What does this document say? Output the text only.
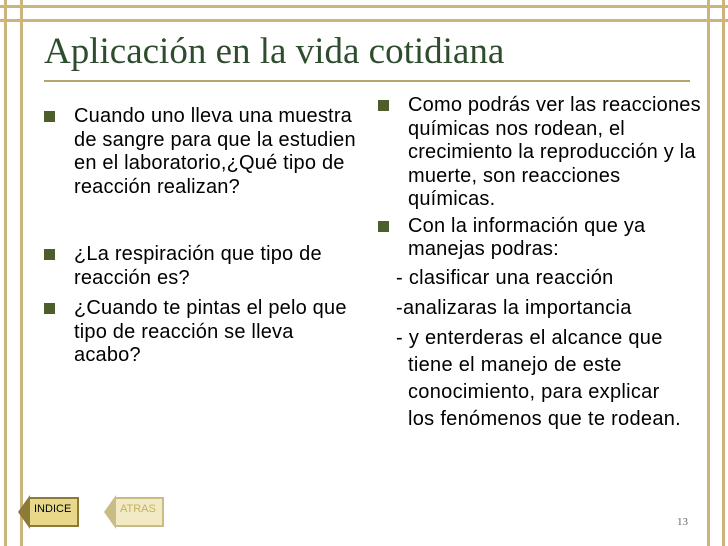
Aplicación en la vida cotidiana
Cuando uno lleva una muestra de sangre para que la estudien en el laboratorio,¿Qué tipo de reacción realizan?
¿La respiración que tipo de reacción es?
¿Cuando te pintas el pelo que tipo de reacción se lleva acabo?
Como podrás ver las reacciones químicas nos rodean, el crecimiento la reproducción y la muerte, son reacciones químicas.
Con la información que ya manejas podras:
- clasificar una reacción
-analizaras la importancia
- y enterderas el alcance que tiene el manejo de este conocimiento, para explicar los fenómenos que te rodean.
INDICE	ATRAS
13
